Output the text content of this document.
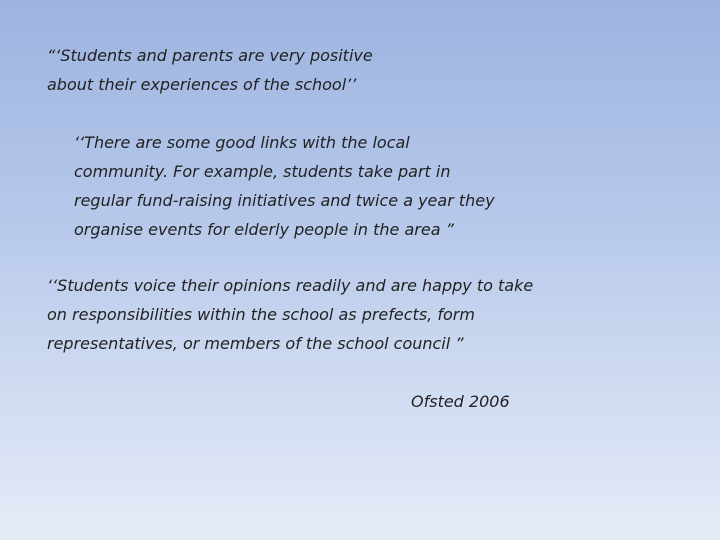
“‘Students and parents are very positive
about their experiences of the school’’

‘‘There are some good links with the local
community. For example, students take part in
regular fund-raising initiatives and twice a year they
organise events for elderly people in the area ”

‘‘Students voice their opinions readily and are happy to take
on responsibilities within the school as prefects, form
representatives, or members of the school council ”

Ofsted 2006
